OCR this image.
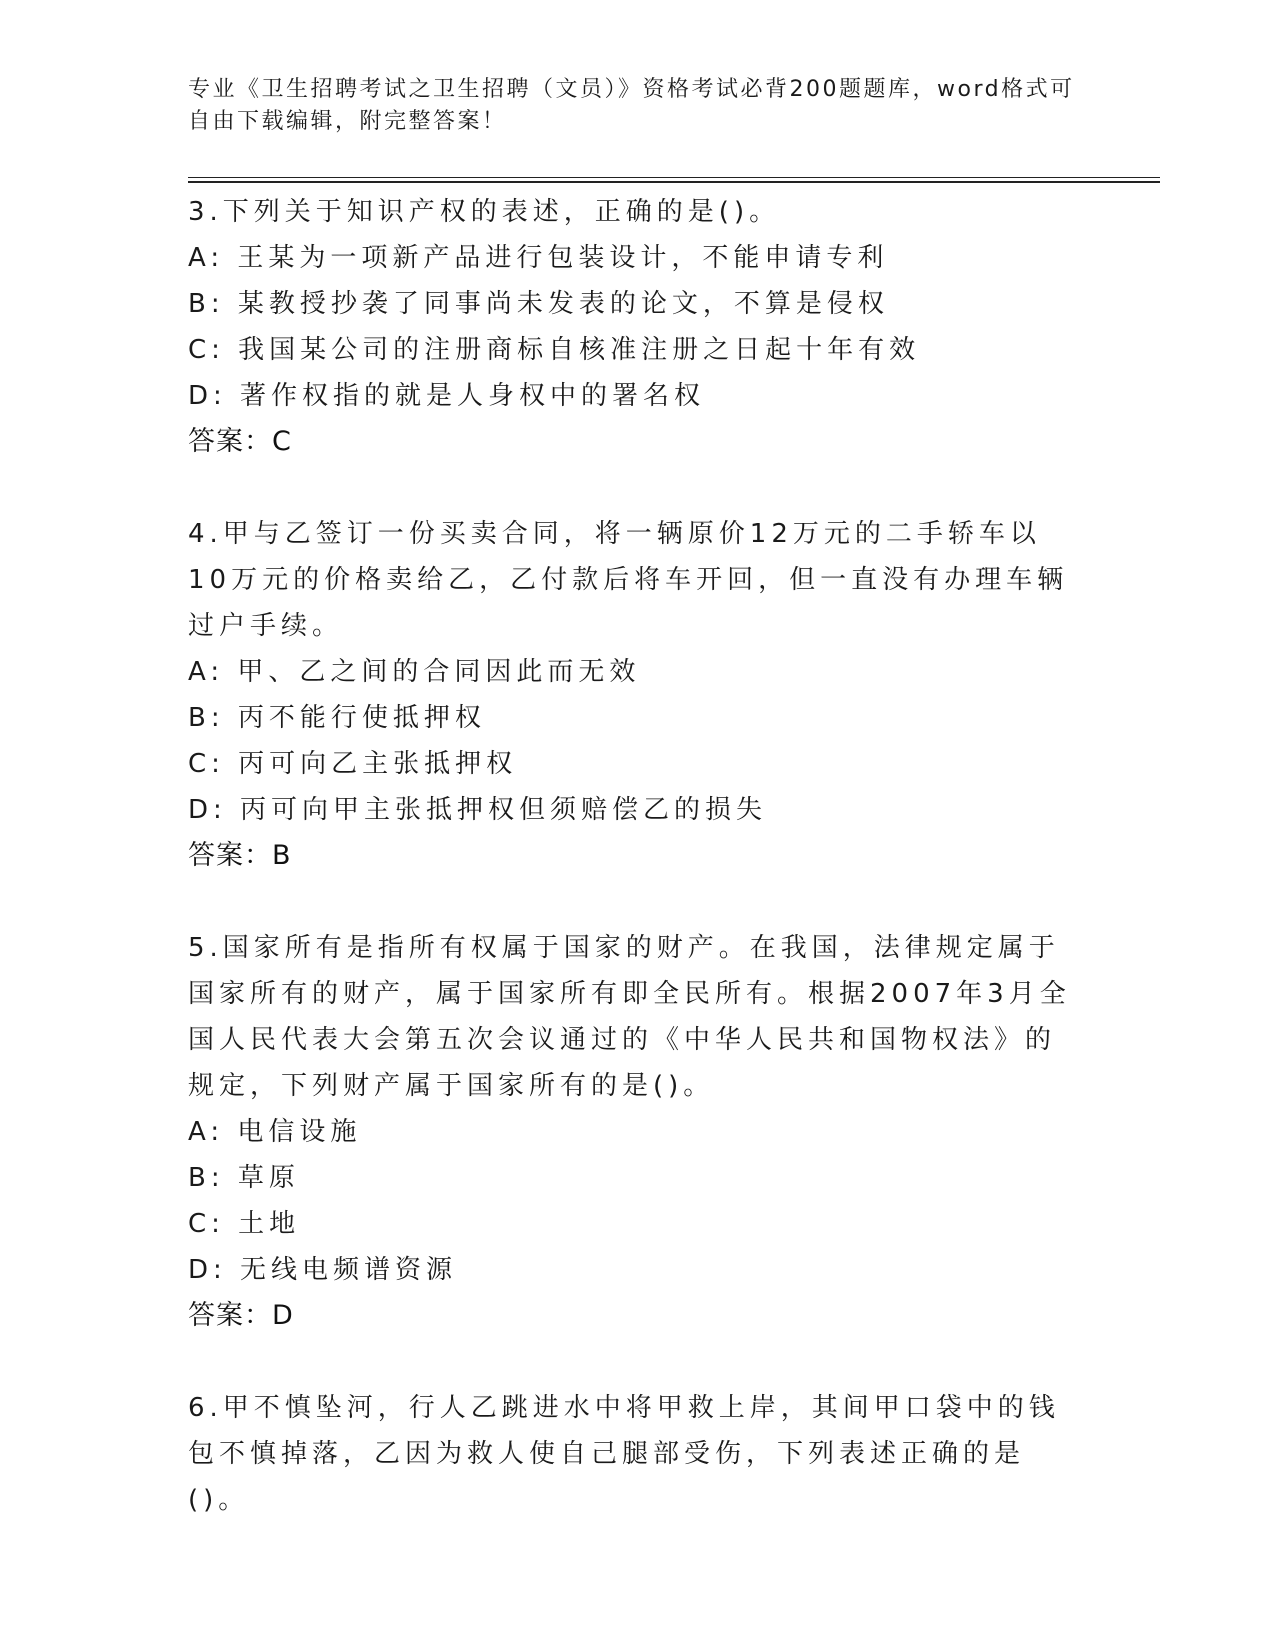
专业《卫生招聘考试之卫生招聘（文员）》资格考试必背200题题库，word格式可自由下载编辑，附完整答案！
3.下列关于知识产权的表述，正确的是()。
A: 王某为一项新产品进行包装设计，不能申请专利
B: 某教授抄袭了同事尚未发表的论文，不算是侵权
C: 我国某公司的注册商标自核准注册之日起十年有效
D: 著作权指的就是人身权中的署名权
答案：C
4.甲与乙签订一份买卖合同，将一辆原价12万元的二手轿车以10万元的价格卖给乙，乙付款后将车开回，但一直没有办理车辆过户手续。
A: 甲、乙之间的合同因此而无效
B: 丙不能行使抵押权
C: 丙可向乙主张抵押权
D: 丙可向甲主张抵押权但须赔偿乙的损失
答案：B
5.国家所有是指所有权属于国家的财产。在我国，法律规定属于国家所有的财产，属于国家所有即全民所有。根据2007年3月全国人民代表大会第五次会议通过的《中华人民共和国物权法》的规定，下列财产属于国家所有的是()。
A: 电信设施
B: 草原
C: 土地
D: 无线电频谱资源
答案：D
6.甲不慎坠河，行人乙跳进水中将甲救上岸，其间甲口袋中的钱包不慎掉落，乙因为救人使自己腿部受伤，下列表述正确的是()。
